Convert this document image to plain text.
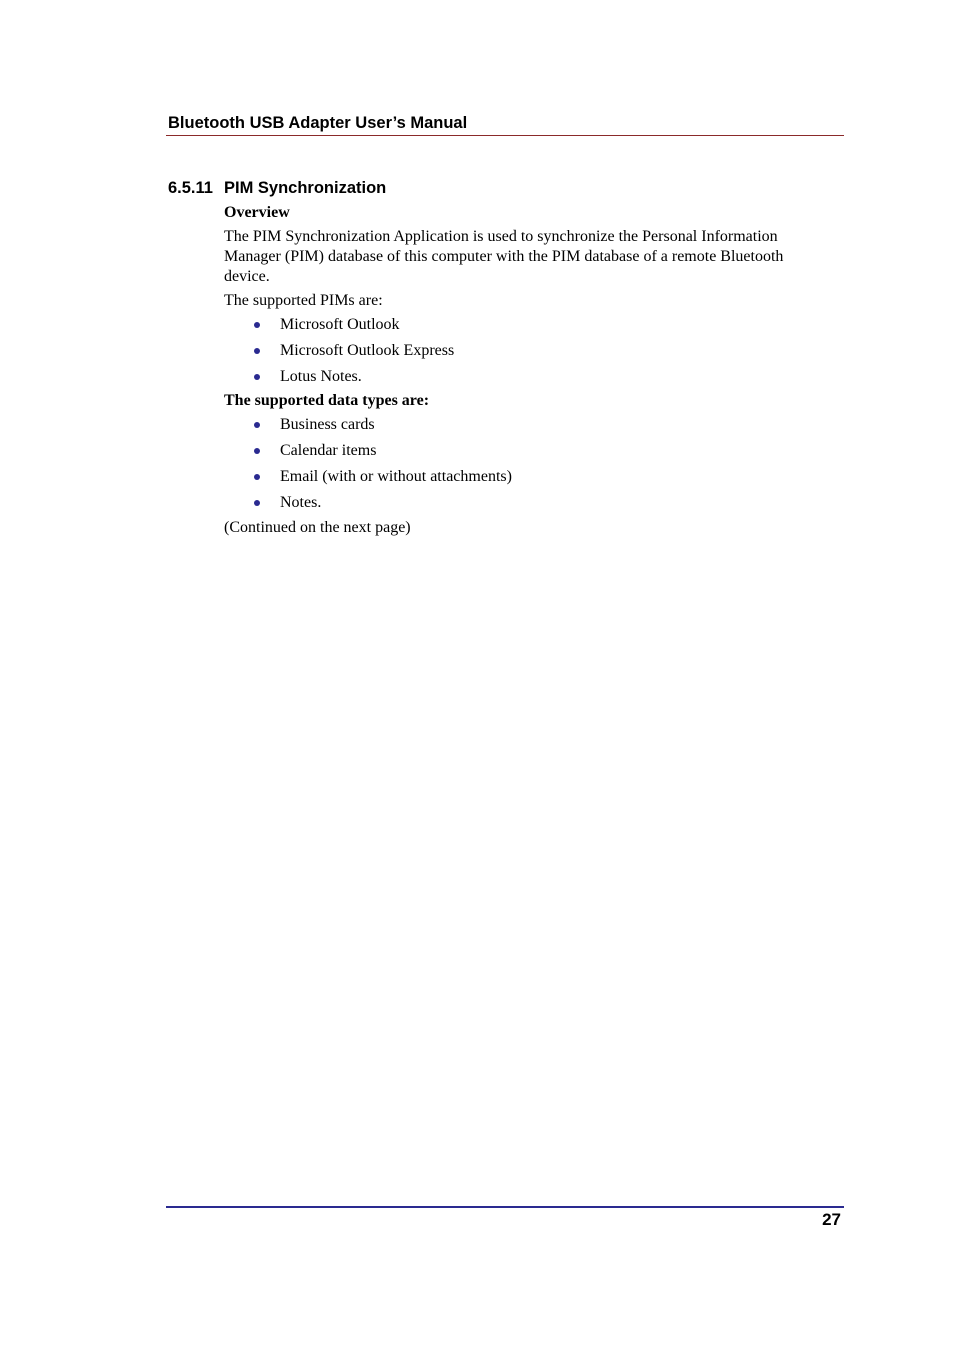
Bluetooth USB Adapter User’s Manual
6.5.11 PIM Synchronization
Overview
The PIM Synchronization Application is used to synchronize the Personal Information Manager (PIM) database of this computer with the PIM database of a remote Bluetooth device.
The supported PIMs are:
Microsoft Outlook
Microsoft Outlook Express
Lotus Notes.
The supported data types are:
Business cards
Calendar items
Email (with or without attachments)
Notes.
(Continued on the next page)
27
